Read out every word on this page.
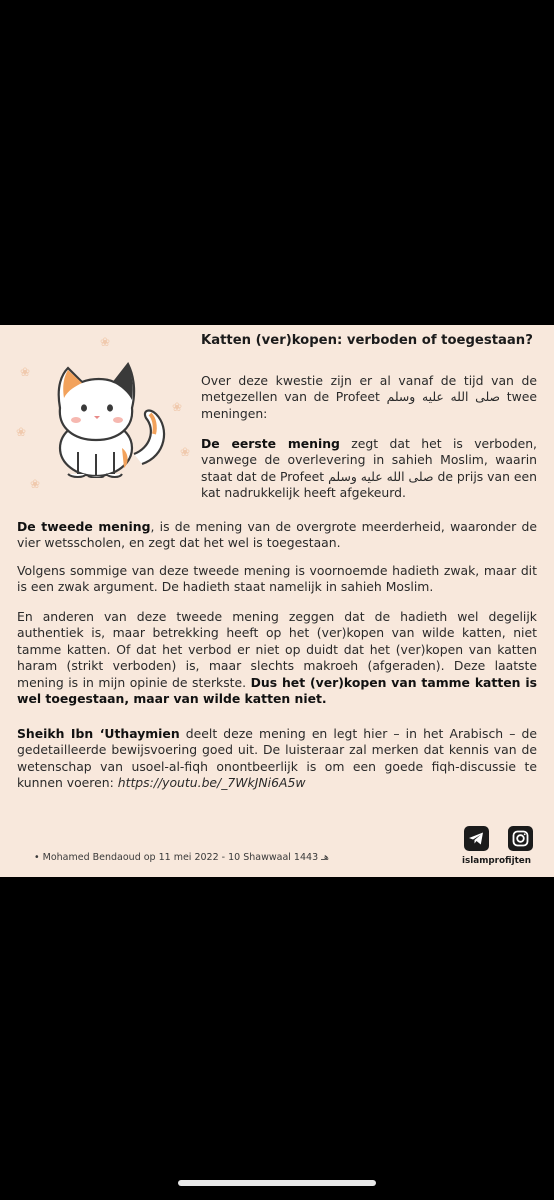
❀
❀
❀
❀
❀
❀
Katten (ver)kopen: verboden of toegestaan?
Over deze kwestie zijn er al vanaf de tijd van de metgezellen van de Profeet صلى الله عليه وسلم twee meningen:
De eerste mening zegt dat het is verboden, vanwege de overlevering in sahieh Moslim, waarin staat dat de Profeet صلى الله عليه وسلم de prijs van een kat nadrukkelijk heeft afgekeurd.
De tweede mening, is de mening van de overgrote meerderheid, waaronder de vier wetsscholen, en zegt dat het wel is toegestaan.
Volgens sommige van deze tweede mening is voornoemde hadieth zwak, maar dit is een zwak argument. De hadieth staat namelijk in sahieh Moslim.
En anderen van deze tweede mening zeggen dat de hadieth wel degelijk authentiek is, maar betrekking heeft op het (ver)kopen van wilde katten, niet tamme katten. Of dat het verbod er niet op duidt dat het (ver)kopen van katten haram (strikt verboden) is, maar slechts makroeh (afgeraden). Deze laatste mening is in mijn opinie de sterkste. Dus het (ver)kopen van tamme katten is wel toegestaan, maar van wilde katten niet.
Sheikh Ibn ‘Uthaymien deelt deze mening en legt hier – in het Arabisch – de gedetailleerde bewijsvoering goed uit. De luisteraar zal merken dat kennis van de wetenschap van usoel-al-fiqh onontbeerlijk is om een goede fiqh-discussie te kunnen voeren: https://youtu.be/_7WkJNi6A5w
• Mohamed Bendaoud op 11 mei 2022 - 10 Shawwaal 1443 هـ	islamprofijten
